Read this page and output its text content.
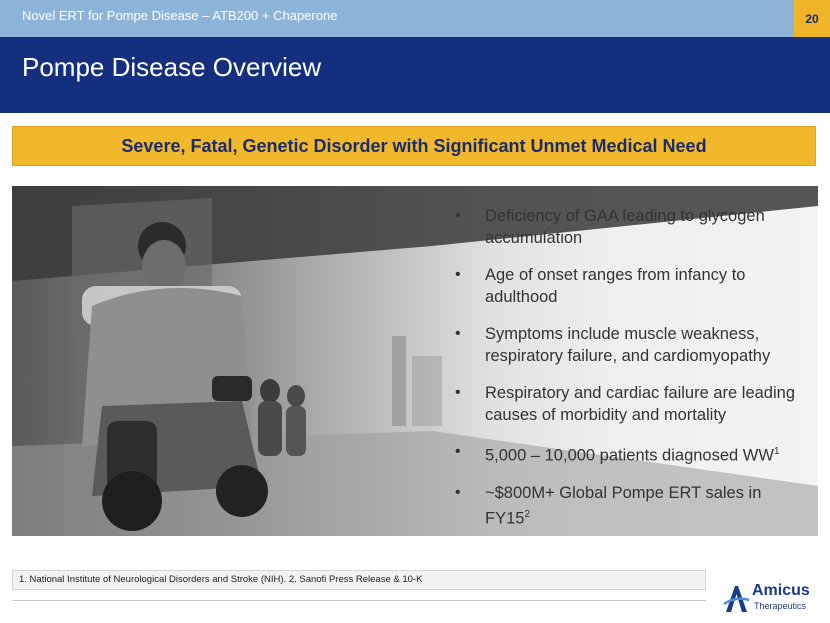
Novel ERT for Pompe Disease – ATB200 + Chaperone	20
Pompe Disease Overview
Severe, Fatal, Genetic Disorder with Significant Unmet Medical Need
• Deficiency of GAA leading to glycogen accumulation
• Age of onset ranges from infancy to adulthood
• Symptoms include muscle weakness, respiratory failure, and cardiomyopathy
• Respiratory and cardiac failure are leading causes of morbidity and mortality
• 5,000 – 10,000 patients diagnosed $WW^1$
• ~$800M+ Global Pompe ERT sales in $FY15^2$
1. National Institute of Neurological Disorders and Stroke (NIH). 2. Sanofi Press Release & 10-K
Amicus
Therapeutics
